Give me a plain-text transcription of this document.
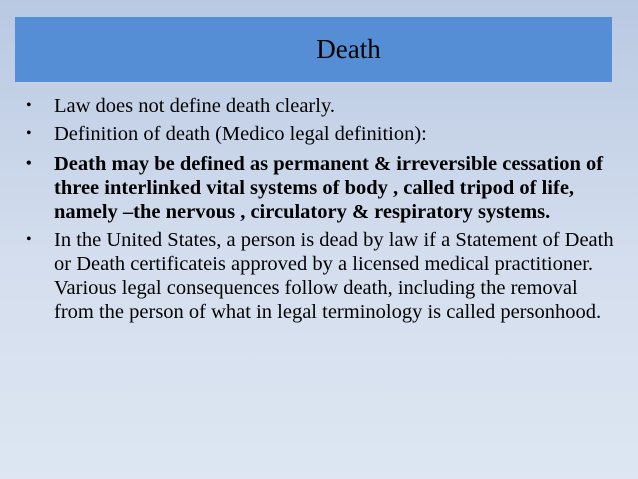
Death
•	Law does not define death clearly.
•	Definition of death (Medico legal definition):
•	Death may be defined as permanent & irreversible cessation of three interlinked vital systems of body , called tripod of life, namely –the nervous , circulatory & respiratory systems.
•	In the United States, a person is dead by law if a Statement of Death or Death certificateis approved by a licensed medical practitioner. Various legal consequences follow death, including the removal from the person of what in legal terminology is called personhood.
